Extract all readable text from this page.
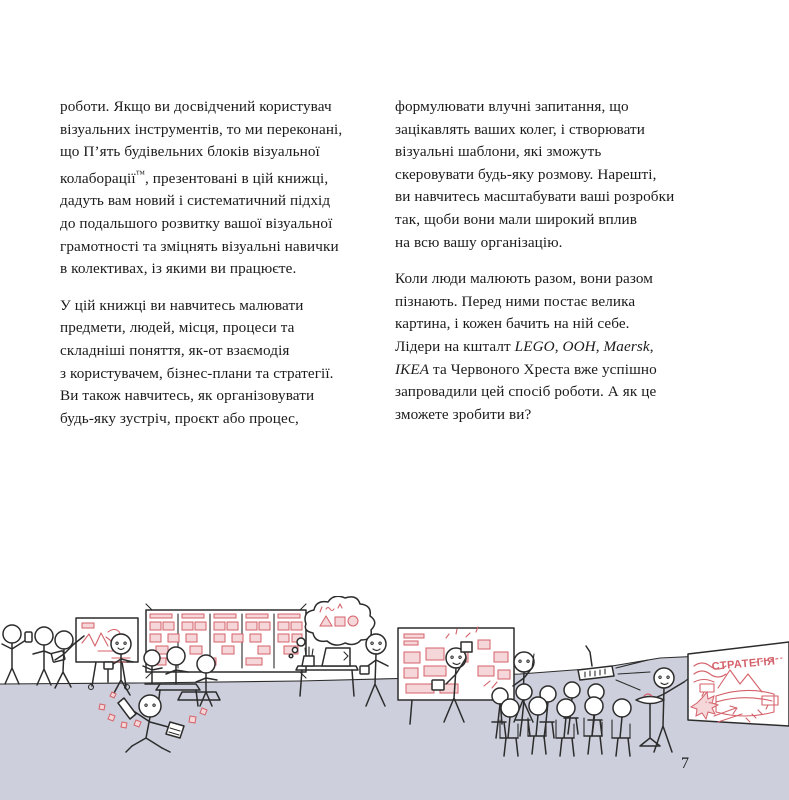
роботи. Якщо ви досвідчений користувач
візуальних інструментів, то ми переконані,
що П’ять будівельних блоків візуальної
колаборації™, презентовані в цій книжці,
дадуть вам новий і систематичний підхід
до подальшого розвитку вашої візуальної
грамотності та зміцнять візуальні навички
в колективах, із якими ви працюєте.

У цій книжці ви навчитесь малювати
предмети, людей, місця, процеси та
складніші поняття, як-от взаємодія
з користувачем, бізнес-плани та стратегії.
Ви також навчитесь, як організовувати
будь-яку зустріч, проєкт або процес,

формулювати влучні запитання, що
зацікавлять ваших колег, і створювати
візуальні шаблони, які зможуть
скеровувати будь-яку розмову. Нарешті,
ви навчитесь масштабувати ваші розробки
так, щоби вони мали широкий вплив
на всю вашу організацію.

Коли люди малюють разом, вони разом
пізнають. Перед ними постає велика
картина, і кожен бачить на ній себе.
Лідери на кшталт LEGO, ООН, Maersk,
IKEA та Червоного Хреста вже успішно
запровадили цей спосіб роботи. А як це
зможете зробити ви?

СТРАТЕГІЯ
7
